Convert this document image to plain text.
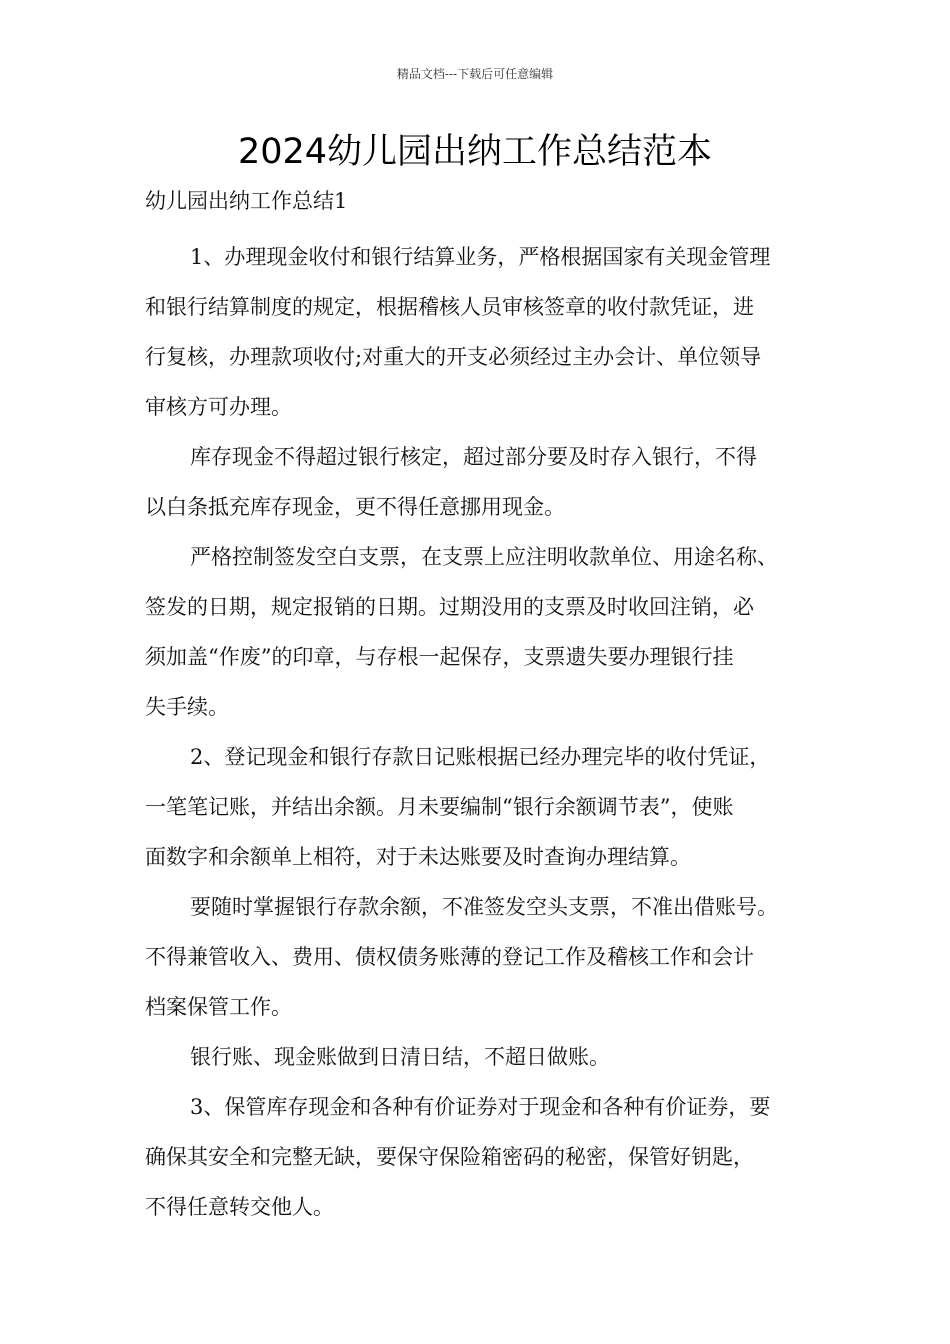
精品文档---下载后可任意编辑
2024幼儿园出纳工作总结范本
幼儿园出纳工作总结1

1、办理现金收付和银行结算业务，严格根据国家有关现金管理
和银行结算制度的规定，根据稽核人员审核签章的收付款凭证，进
行复核，办理款项收付;对重大的开支必须经过主办会计、单位领导
审核方可办理。

库存现金不得超过银行核定，超过部分要及时存入银行，不得
以白条抵充库存现金，更不得任意挪用现金。

严格控制签发空白支票，在支票上应注明收款单位、用途名称、
签发的日期，规定报销的日期。过期没用的支票及时收回注销，必
须加盖“作废”的印章，与存根一起保存，支票遗失要办理银行挂
失手续。

2、登记现金和银行存款日记账根据已经办理完毕的收付凭证，
一笔笔记账，并结出余额。月未要编制“银行余额调节表”，使账
面数字和余额单上相符，对于未达账要及时查询办理结算。

要随时掌握银行存款余额，不准签发空头支票，不准出借账号。
不得兼管收入、费用、债权债务账薄的登记工作及稽核工作和会计
档案保管工作。

银行账、现金账做到日清日结，不超日做账。

3、保管库存现金和各种有价证券对于现金和各种有价证券，要
确保其安全和完整无缺，要保守保险箱密码的秘密，保管好钥匙，
不得任意转交他人。
